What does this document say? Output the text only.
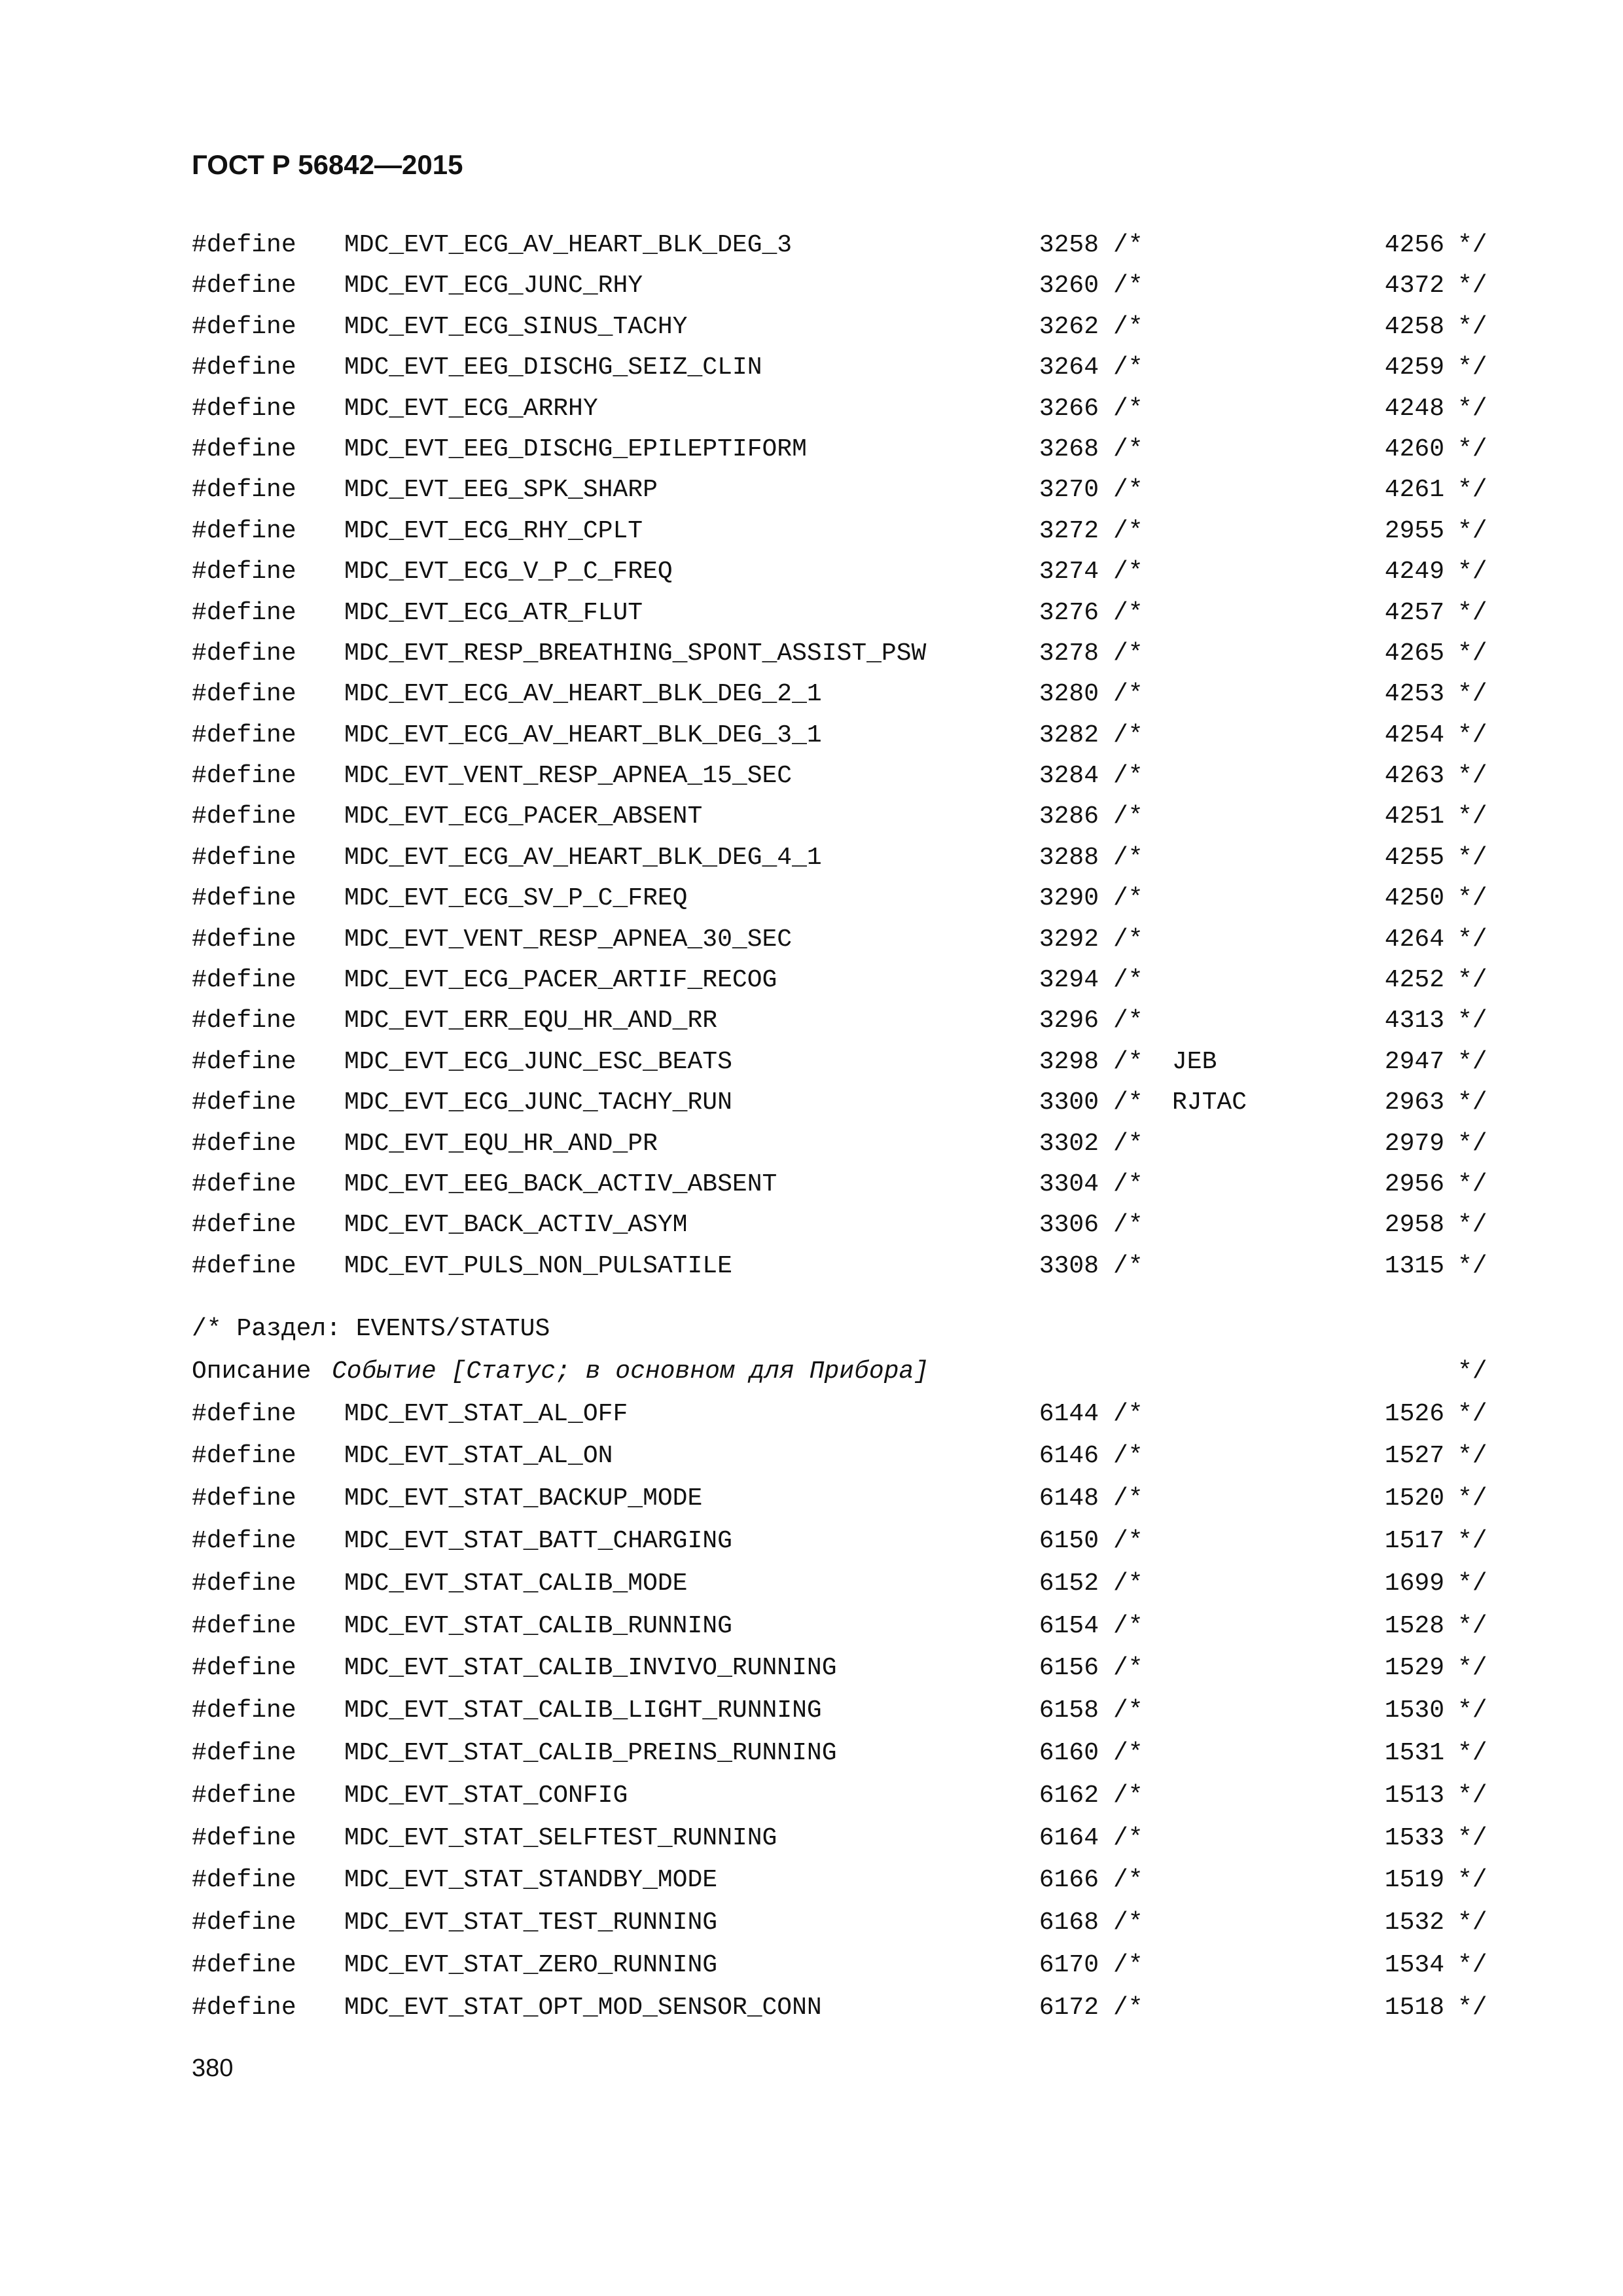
ГОСТ Р 56842—2015
#define MDC_EVT_ECG_AV_HEART_BLK_DEG_3	3258 /*	4256 */
#define MDC_EVT_ECG_JUNC_RHY	3260 /*	4372 */
#define MDC_EVT_ECG_SINUS_TACHY	3262 /*	4258 */
#define MDC_EVT_EEG_DISCHG_SEIZ_CLIN	3264 /*	4259 */
#define MDC_EVT_ECG_ARRHY	3266 /*	4248 */
#define MDC_EVT_EEG_DISCHG_EPILEPTIFORM	3268 /*	4260 */
#define MDC_EVT_EEG_SPK_SHARP	3270 /*	4261 */
#define MDC_EVT_ECG_RHY_CPLT	3272 /*	2955 */
#define MDC_EVT_ECG_V_P_C_FREQ	3274 /*	4249 */
#define MDC_EVT_ECG_ATR_FLUT	3276 /*	4257 */
#define MDC_EVT_RESP_BREATHING_SPONT_ASSIST_PSW	3278 /*	4265 */
#define MDC_EVT_ECG_AV_HEART_BLK_DEG_2_1	3280 /*	4253 */
#define MDC_EVT_ECG_AV_HEART_BLK_DEG_3_1	3282 /*	4254 */
#define MDC_EVT_VENT_RESP_APNEA_15_SEC	3284 /*	4263 */
#define MDC_EVT_ECG_PACER_ABSENT	3286 /*	4251 */
#define MDC_EVT_ECG_AV_HEART_BLK_DEG_4_1	3288 /*	4255 */
#define MDC_EVT_ECG_SV_P_C_FREQ	3290 /*	4250 */
#define MDC_EVT_VENT_RESP_APNEA_30_SEC	3292 /*	4264 */
#define MDC_EVT_ECG_PACER_ARTIF_RECOG	3294 /*	4252 */
#define MDC_EVT_ERR_EQU_HR_AND_RR	3296 /*	4313 */
#define MDC_EVT_ECG_JUNC_ESC_BEATS	3298 /* JEB	2947 */
#define MDC_EVT_ECG_JUNC_TACHY_RUN	3300 /* RJTAC	2963 */
#define MDC_EVT_EQU_HR_AND_PR	3302 /*	2979 */
#define MDC_EVT_EEG_BACK_ACTIV_ABSENT	3304 /*	2956 */
#define MDC_EVT_BACK_ACTIV_ASYM	3306 /*	2958 */
#define MDC_EVT_PULS_NON_PULSATILE	3308 /*	1315 */
/* Раздел: EVENTS/STATUS
Описание Событие [Статус; в основном для Прибора]	*/
#define MDC_EVT_STAT_AL_OFF	6144 /*	1526 */
#define MDC_EVT_STAT_AL_ON	6146 /*	1527 */
#define MDC_EVT_STAT_BACKUP_MODE	6148 /*	1520 */
#define MDC_EVT_STAT_BATT_CHARGING	6150 /*	1517 */
#define MDC_EVT_STAT_CALIB_MODE	6152 /*	1699 */
#define MDC_EVT_STAT_CALIB_RUNNING	6154 /*	1528 */
#define MDC_EVT_STAT_CALIB_INVIVO_RUNNING	6156 /*	1529 */
#define MDC_EVT_STAT_CALIB_LIGHT_RUNNING	6158 /*	1530 */
#define MDC_EVT_STAT_CALIB_PREINS_RUNNING	6160 /*	1531 */
#define MDC_EVT_STAT_CONFIG	6162 /*	1513 */
#define MDC_EVT_STAT_SELFTEST_RUNNING	6164 /*	1533 */
#define MDC_EVT_STAT_STANDBY_MODE	6166 /*	1519 */
#define MDC_EVT_STAT_TEST_RUNNING	6168 /*	1532 */
#define MDC_EVT_STAT_ZERO_RUNNING	6170 /*	1534 */
#define MDC_EVT_STAT_OPT_MOD_SENSOR_CONN	6172 /*	1518 */
380
